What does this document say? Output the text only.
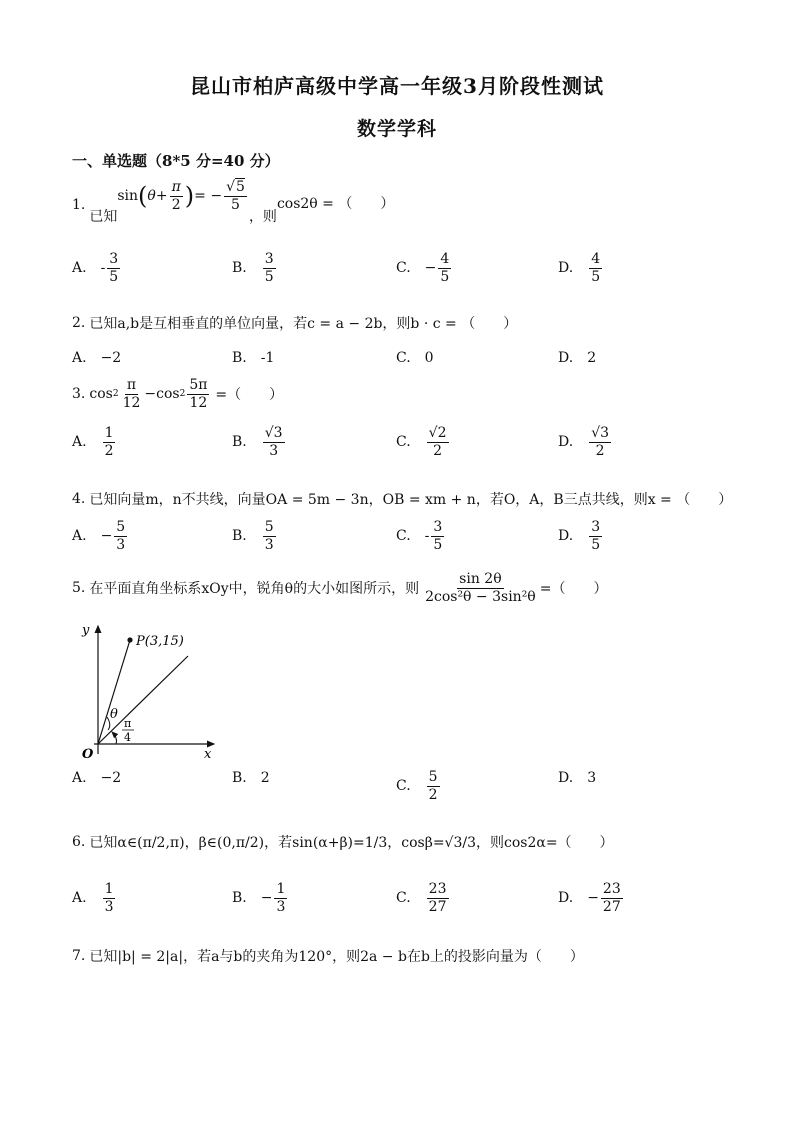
昆山市柏庐高级中学高一年级3月阶段性测试
数学学科
一、单选题（8*5 分=40 分）
1.
已知
sin ( $\theta + \frac{\pi}{2}$ ) = − $\frac{√5}{5}$
，则
cos2θ = （　　）
A. - $\frac{3}{5}$	B. $\frac{3}{5}$	C. − $\frac{4}{5}$	D. $\frac{4}{5}$
2. 已知a,b是互相垂直的单位向量，若c = a − 2b，则b · c = （　　）
A. −2	B. -1	C. 0	D. 2
3. $\cos 2 \frac{\pi}{12} -\cos$ $2 \frac{5\pi}{12}$ =（　　）
A. $\frac{1}{2}$	B. $\frac{√3}{3}$	C. $\frac{√2}{2}$	D. $\frac{√3}{2}$
4. 已知向量m，n不共线，向量OA = 5m − 3n，OB = xm + n，若O，A，B三点共线，则x = （　　）
A. − $\frac{5}{3}$	B. $\frac{5}{3}$	C. - $\frac{3}{5}$	D. $\frac{3}{5}$
5. 在平面直角坐标系xOy中，锐角θ的大小如图所示，则 $\frac{\sin 2\theta}{\text{2cos²θ − 3sin²θ}}$ =（　　）
P(3,15)
θ
π
4
O	x
y
A. −2	B. 2
C. $\frac{5}{2}$	D. 3
6. 已知α∈(π/2,π)，β∈(0,π/2)，若sin(α+β)=1/3，cosβ=√3/3，则cos2α=（　　）
A. $\frac{1}{3}$	B. − $\frac{1}{3}$	C. $\frac{23}{27}$	D. − $\frac{23}{27}$
7. 已知|b| = 2|a|，若a与b的夹角为120°，则2a − b在b上的投影向量为（　　）
